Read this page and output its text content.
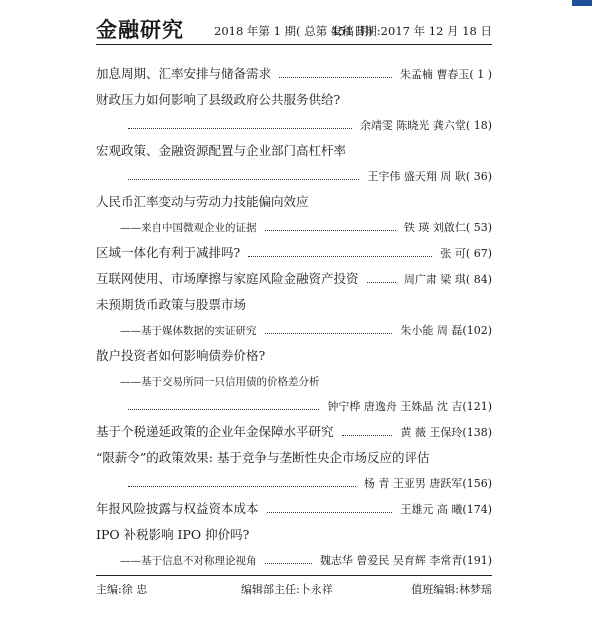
金融研究	2018 年第 1 期( 总第 451 期)
发稿日期:2017 年 12 月 18 日
加息周期、汇率安排与储备需求	朱孟楠 曹春玉( 1 )
财政压力如何影响了县级政府公共服务供给?
余靖雯 陈晓光 龚六堂( 18)
宏观政策、金融资源配置与企业部门高杠杆率
王宇伟 盛天翔 周 耿( 36)
人民币汇率变动与劳动力技能偏向效应
——来自中国微观企业的证据	铁 瑛 刘啟仁( 53)
区域一体化有利于减排吗?	张 可( 67)
互联网使用、市场摩擦与家庭风险金融资产投资	周广肃 梁 琪( 84)
未预期货币政策与股票市场
——基于媒体数据的实证研究	朱小能 周 磊(102)
散户投资者如何影响债券价格?
——基于交易所同一只信用债的价格差分析
钟宁桦 唐逸舟 王姝晶 沈 吉(121)
基于个税递延政策的企业年金保障水平研究	黄 薇 王保玲(138)
“限薪令”的政策效果: 基于竞争与垄断性央企市场反应的评估
杨 青 王亚男 唐跃军(156)
年报风险披露与权益资本成本	王雄元 高 曦(174)
IPO 补税影响 IPO 抑价吗?
——基于信息不对称理论视角	魏志华 曾爱民 吴育辉 李常青(191)
主编:徐 忠	编辑部主任:卜永祥	值班编辑:林梦瑶
